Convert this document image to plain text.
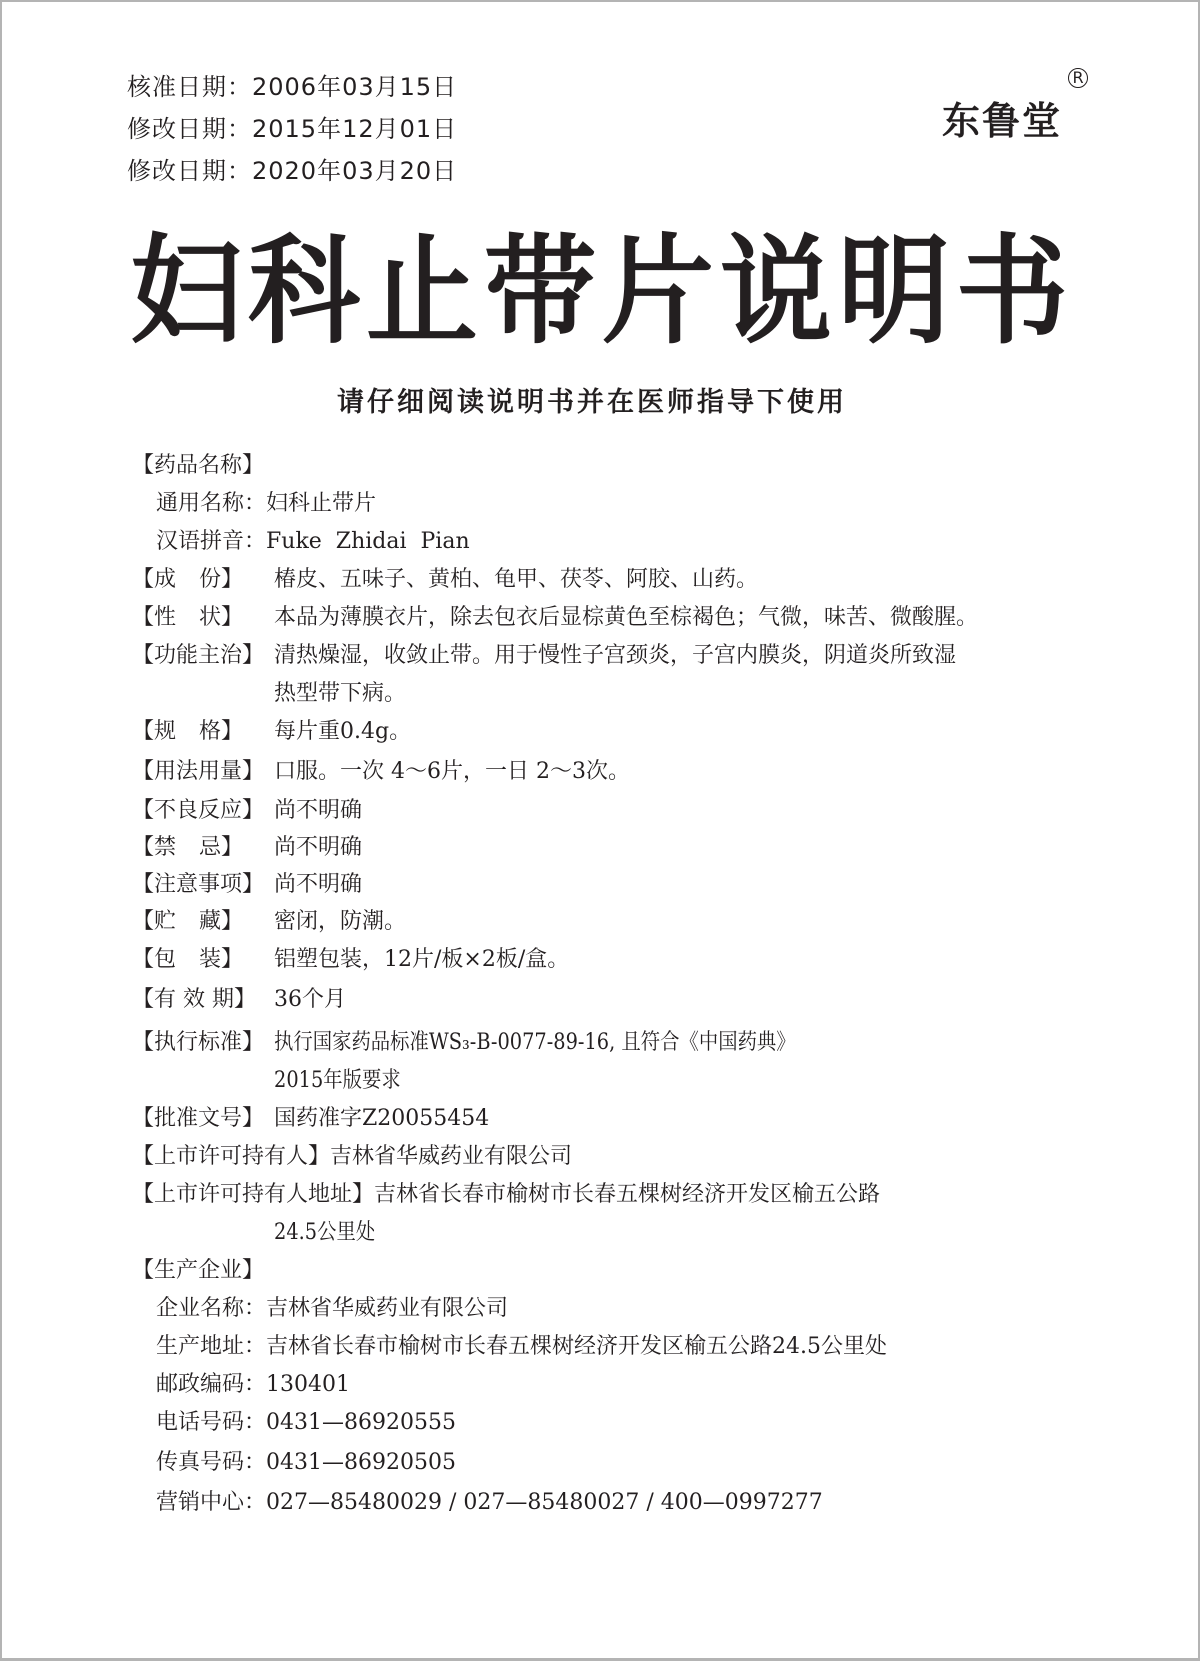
核准日期：2006年03月15日
修改日期：2015年12月01日
修改日期：2020年03月20日
东鲁堂
R
妇科止带片说明书
请仔细阅读说明书并在医师指导下使用
【药品名称】
通用名称：妇科止带片
汉语拼音：Fuke  Zhidai  Pian
【成 份】 椿皮、五味子、黄柏、龟甲、茯苓、阿胶、山药。
【性 状】 本品为薄膜衣片，除去包衣后显棕黄色至棕褐色；气微，味苦、微酸腥。
【功能主治】 清热燥湿，收敛止带。用于慢性子宫颈炎，子宫内膜炎，阴道炎所致湿
热型带下病。
【规 格】 每片重0.4g。
【用法用量】 口服。一次 4～6片，一日 2～3次。
【不良反应】 尚不明确
【禁 忌】 尚不明确
【注意事项】 尚不明确
【贮 藏】 密闭，防潮。
【包 装】 铝塑包装，12片/板×2板/盒。
【有 效 期】 36个月
【执行标准】 执行国家药品标准WS₃-B-0077-89-16, 且符合《中国药典》
2015年版要求
【批准文号】 国药准字Z20055454
【上市许可持有人】吉林省华威药业有限公司
【上市许可持有人地址】吉林省长春市榆树市长春五棵树经济开发区榆五公路
24.5公里处
【生产企业】
企业名称：吉林省华威药业有限公司
生产地址：吉林省长春市榆树市长春五棵树经济开发区榆五公路24.5公里处
邮政编码：130401
电话号码：0431—86920555
传真号码：0431—86920505
营销中心：027—85480029 / 027—85480027 / 400—0997277
